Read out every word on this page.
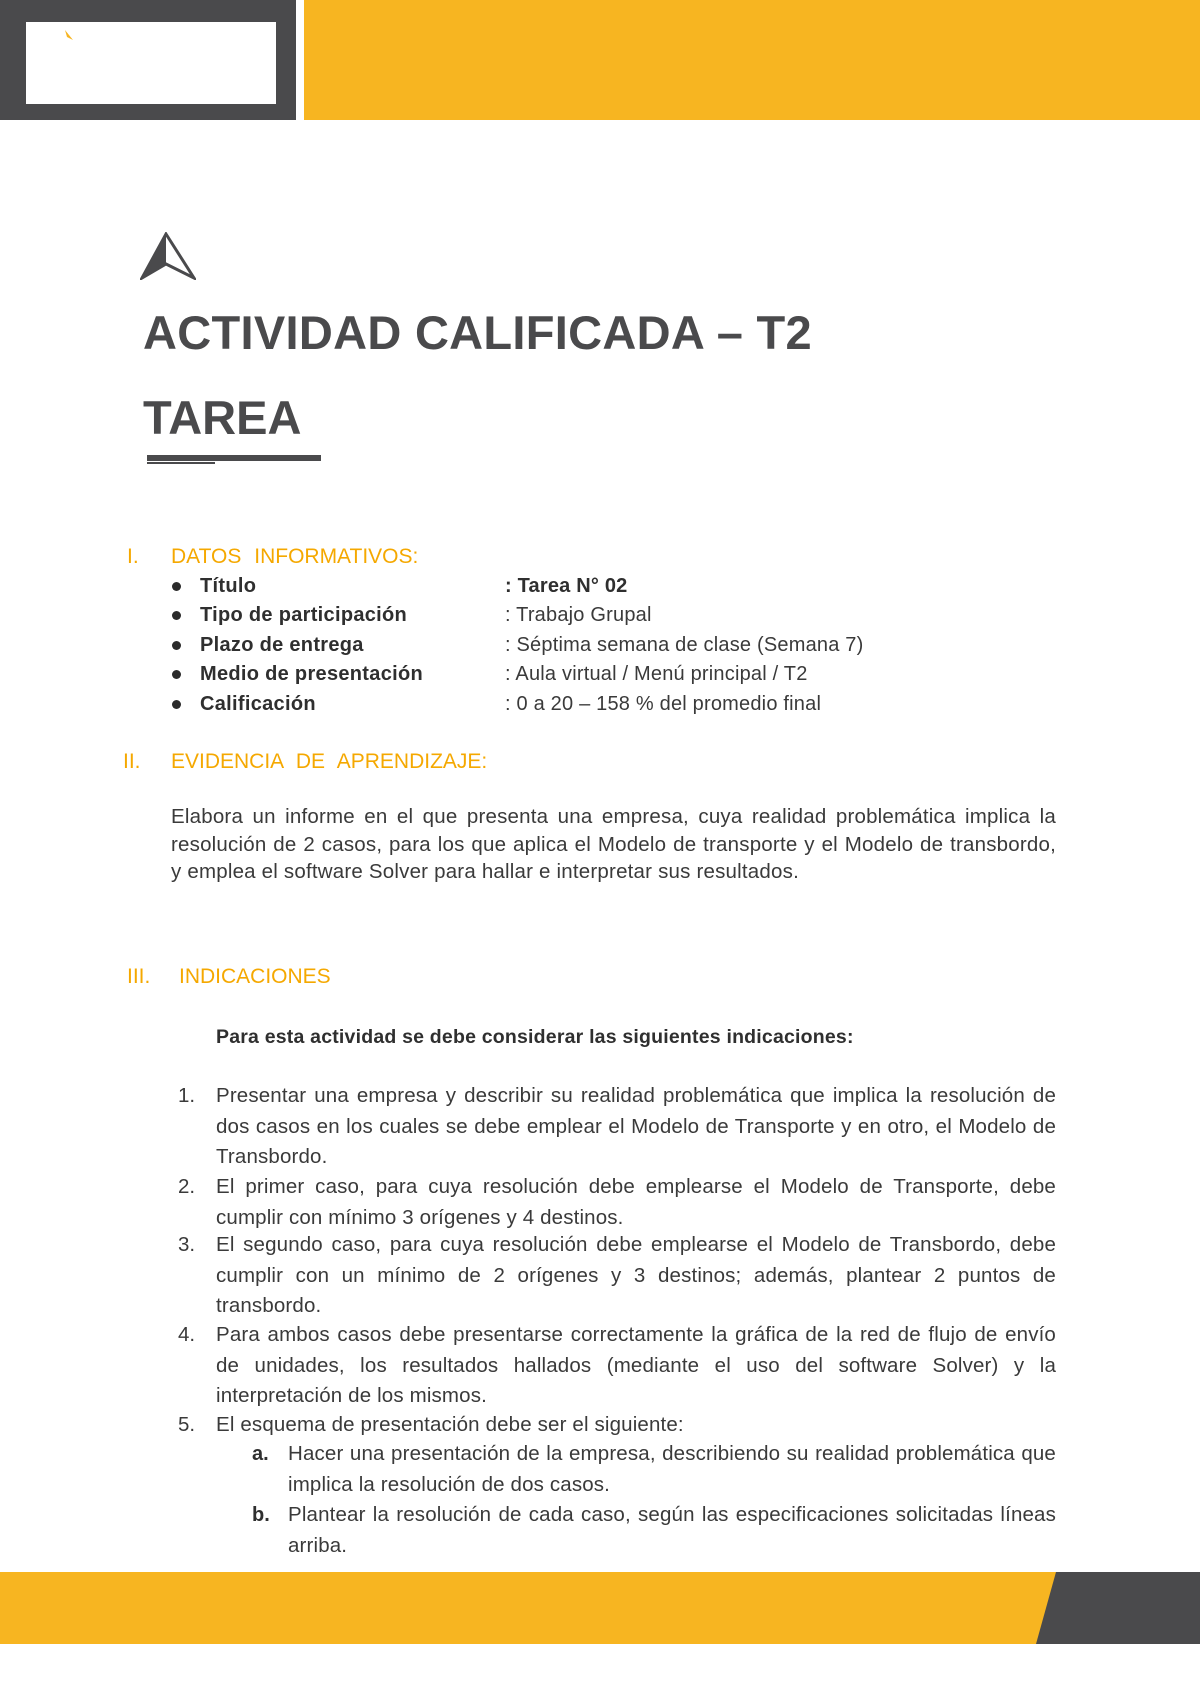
ACTIVIDAD CALIFICADA – T2
TAREA
I. DATOS INFORMATIVOS:
Título	: Tarea N° 02
Tipo de participación	: Trabajo Grupal
Plazo de entrega	: Séptima semana de clase (Semana 7)
Medio de presentación	: Aula virtual / Menú principal / T2
Calificación	: 0 a 20 – 158 % del promedio final
II. EVIDENCIA DE APRENDIZAJE:

Elabora un informe en el que presenta una empresa, cuya realidad problemática implica la resolución de 2 casos, para los que aplica el Modelo de transporte y el Modelo de transbordo, y emplea el software Solver para hallar e interpretar sus resultados.

III. INDICACIONES
Para esta actividad se debe considerar las siguientes indicaciones:
1. Presentar una empresa y describir su realidad problemática que implica la resolución de dos casos en los cuales se debe emplear el Modelo de Transporte y en otro, el Modelo de Transbordo.

2. El primer caso, para cuya resolución debe emplearse el Modelo de Transporte, debe cumplir con mínimo 3 orígenes y 4 destinos.

3. El segundo caso, para cuya resolución debe emplearse el Modelo de Transbordo, debe cumplir con un mínimo de 2 orígenes y 3 destinos; además, plantear 2 puntos de transbordo.

4. Para ambos casos debe presentarse correctamente la gráfica de la red de flujo de envío de unidades, los resultados hallados (mediante el uso del software Solver) y la interpretación de los mismos.

5. El esquema de presentación debe ser el siguiente:

a. Hacer una presentación de la empresa, describiendo su realidad problemática que implica la resolución de dos casos.

b. Plantear la resolución de cada caso, según las especificaciones solicitadas líneas arriba.
